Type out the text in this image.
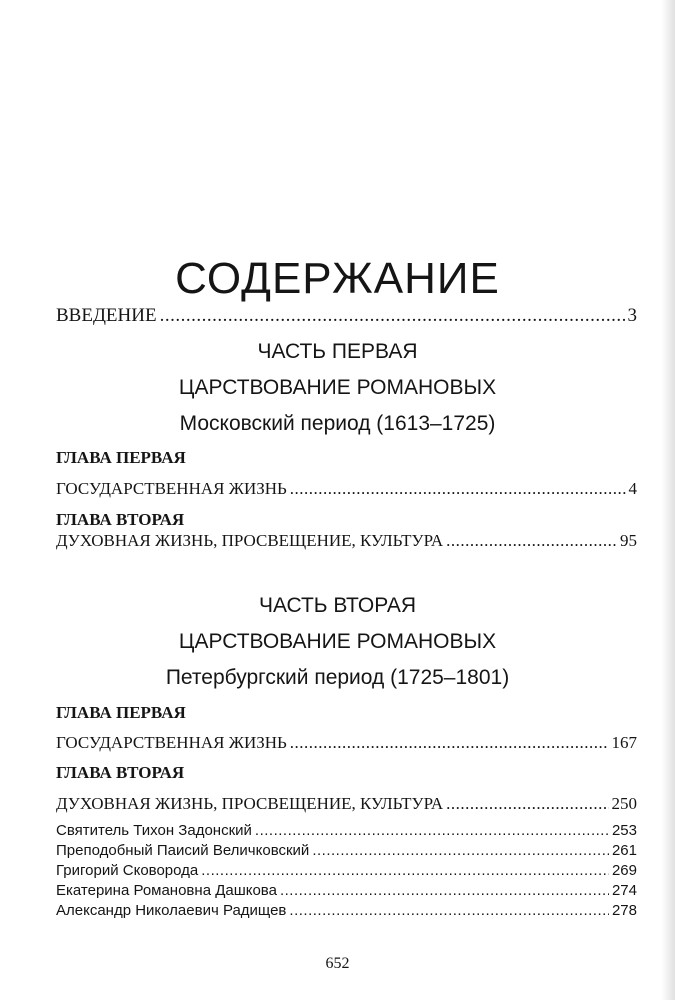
СОДЕРЖАНИЕ
ВВЕДЕНИЕ .....	3
ЧАСТЬ ПЕРВАЯ
ЦАРСТВОВАНИЕ РОМАНОВЫХ
Московский период (1613–1725)
ГЛАВА ПЕРВАЯ
ГОСУДАРСТВЕННАЯ ЖИЗНЬ .....	4
ГЛАВА ВТОРАЯ
ДУХОВНАЯ ЖИЗНЬ, ПРОСВЕЩЕНИЕ, КУЛЬТУРА .....	95
ЧАСТЬ ВТОРАЯ
ЦАРСТВОВАНИЕ РОМАНОВЫХ
Петербургский период (1725–1801)
ГЛАВА ПЕРВАЯ
ГОСУДАРСТВЕННАЯ ЖИЗНЬ .....	167
ГЛАВА ВТОРАЯ
ДУХОВНАЯ ЖИЗНЬ, ПРОСВЕЩЕНИЕ, КУЛЬТУРА .....	250
Святитель Тихон Задонский .....	253
Преподобный Паисий Величковский .....	261
Григорий Сковорода .....	269
Екатерина Романовна Дашкова .....	274
Александр Николаевич Радищев .....	278
652
